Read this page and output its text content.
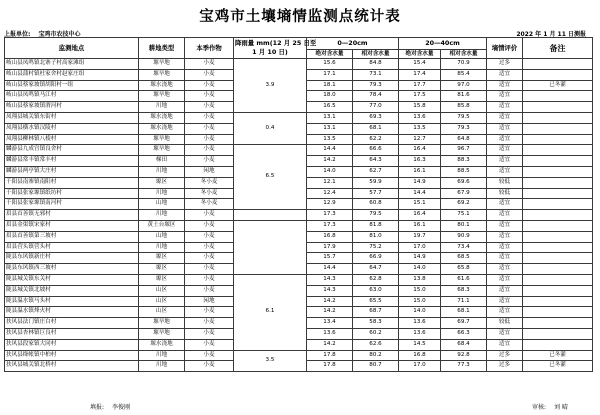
宝鸡市土壤墒情监测点统计表
上报单位: 宝鸡市农技中心	2022 年 1 月 11 日测报
监测地点	耕地类型	本季作物	降雨量 mm(12 月 25 日至
1 月 10 日)	0—20cm		20—40cm		墒情评价	备注
				绝对含水量	相对含水量	绝对含水量	相对含水量		
岐山县凤鸣镇北寨子村高家滩组	塬旱地	小麦	3.9	15.6	84.8	15.4	70.9	过多	
岐山县蒲村镇杜家舍村赵家庄组	塬旱地	小麦		17.1	73.1	17.4	85.4	适宜	
岐山县蔡家坡镇胡阳村一组	塬水浇地	小麦		18.1	79.3	17.7	97.0	适宜	已冬灌
岐山县凤鸣镇马江村	塬旱地	小麦		18.0	78.4	17.5	81.6	适宜	
岐山县蔡家坡镇渭河村	川地	小麦		16.5	77.0	15.8	85.8	适宜	
凤翔县城关镇东街村	塬水浇地	小麦	0.4	13.1	69.3	13.6	79.5	适宜	
凤翔县横水镇汉陵村	塬水浇地	小麦		13.1	68.1	13.5	79.3	适宜	
凤翔县柳林镇八棱村	塬旱地	小麦		13.5	62.2	12.7	64.8	适宜	
麟游县九成宫镇良舍村	塬旱地	小麦	6.5	14.4	66.6	16.4	96.7	适宜	
麟游县常丰镇常丰村	梯田	小麦		14.2	64.3	16.3	88.3	适宜	
麟游县两亭镇大庄村	川地	闲地		14.0	62.7	16.1	88.5	适宜	
千阳县南寨镇南阳村	塬区	冬小麦		12.1	59.9	14.9	69.6	较低	
千阳县张家塬镇纸坊村	川地	冬小麦		12.4	57.7	14.4	67.9	较低	
千阳县张家塬镇南河村	山地	冬小麦		12.9	60.8	15.1	69.2	适宜	
眉县首善镇无邪村	川地	小麦		17.3	79.5	16.4	75.1	适宜	
眉县金渠镇宋家村	黄土台塬区	小麦		17.3	81.8	16.1	80.1	适宜	
眉县首善镇第三坡村	山地	小麦		16.8	81.0	19.7	90.9	适宜	
眉县营头镇营头村	川地	小麦		17.9	75.2	17.0	73.4	适宜	
陇县东风镇新庄村	塬区	小麦		15.7	66.9	14.9	68.5	适宜	
陇县东风镇西三坡村	塬区	小麦		14.4	64.7	14.0	65.8	适宜	
陇县城关镇东关村	塬区	小麦	6.1	14.3	62.8	13.8	61.6	适宜	
陇县城关镇北坡村	山区	小麦		14.3	63.0	15.0	68.3	适宜	
陇县温水镇马头村	山区	闲地		14.2	65.5	15.0	71.1	适宜	
陇县温水镇烽火村	山区	小麦		14.2	68.7	14.0	68.1	适宜	
扶风县法门镇庄白村	塬旱地	小麦		13.4	58.3	13.6	69.7	较低	
扶风县杏林镇巨良村	塬旱地	小麦		13.6	60.2	13.6	66.3	适宜	
扶风县段家镇大同村	塬水浇地	小麦		14.2	62.6	14.5	68.4	适宜	
扶风县绛帐镇中柏村	川地	小麦	3.5	17.8	80.2	16.8	92.8	过多	已冬灌
扶风县城关镇北桥村	川地	小麦		17.8	80.7	17.0	77.3	过多	已冬灌
填报: 李俊刚	审核: 刘 晴
